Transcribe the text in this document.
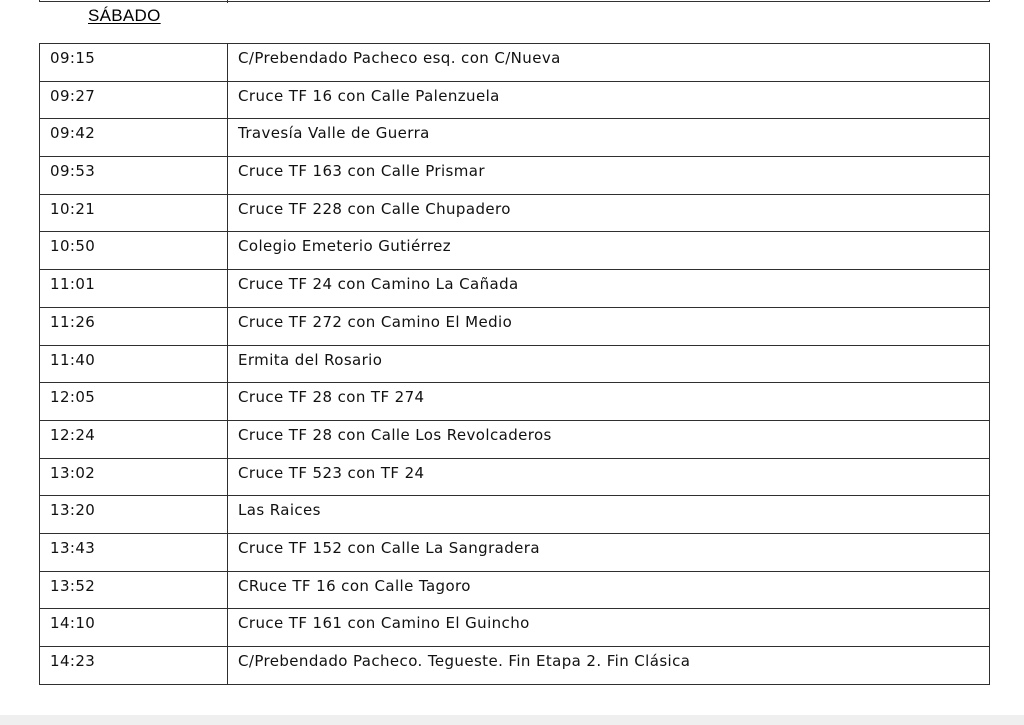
SÁBADO
09:15	C/Prebendado Pacheco esq. con C/Nueva
09:27	Cruce TF 16 con Calle Palenzuela
09:42	Travesía Valle de Guerra
09:53	Cruce TF 163 con Calle Prismar
10:21	Cruce TF 228 con Calle Chupadero
10:50	Colegio Emeterio Gutiérrez
11:01	Cruce TF 24 con Camino La Cañada
11:26	Cruce TF 272 con Camino El Medio
11:40	Ermita del Rosario
12:05	Cruce TF 28 con TF 274
12:24	Cruce TF 28 con Calle Los Revolcaderos
13:02	Cruce TF 523 con TF 24
13:20	Las Raices
13:43	Cruce TF 152 con Calle La Sangradera
13:52	CRuce TF 16 con Calle Tagoro
14:10	Cruce TF 161 con Camino El Guincho
14:23	C/Prebendado Pacheco. Tegueste. Fin Etapa 2. Fin Clásica
